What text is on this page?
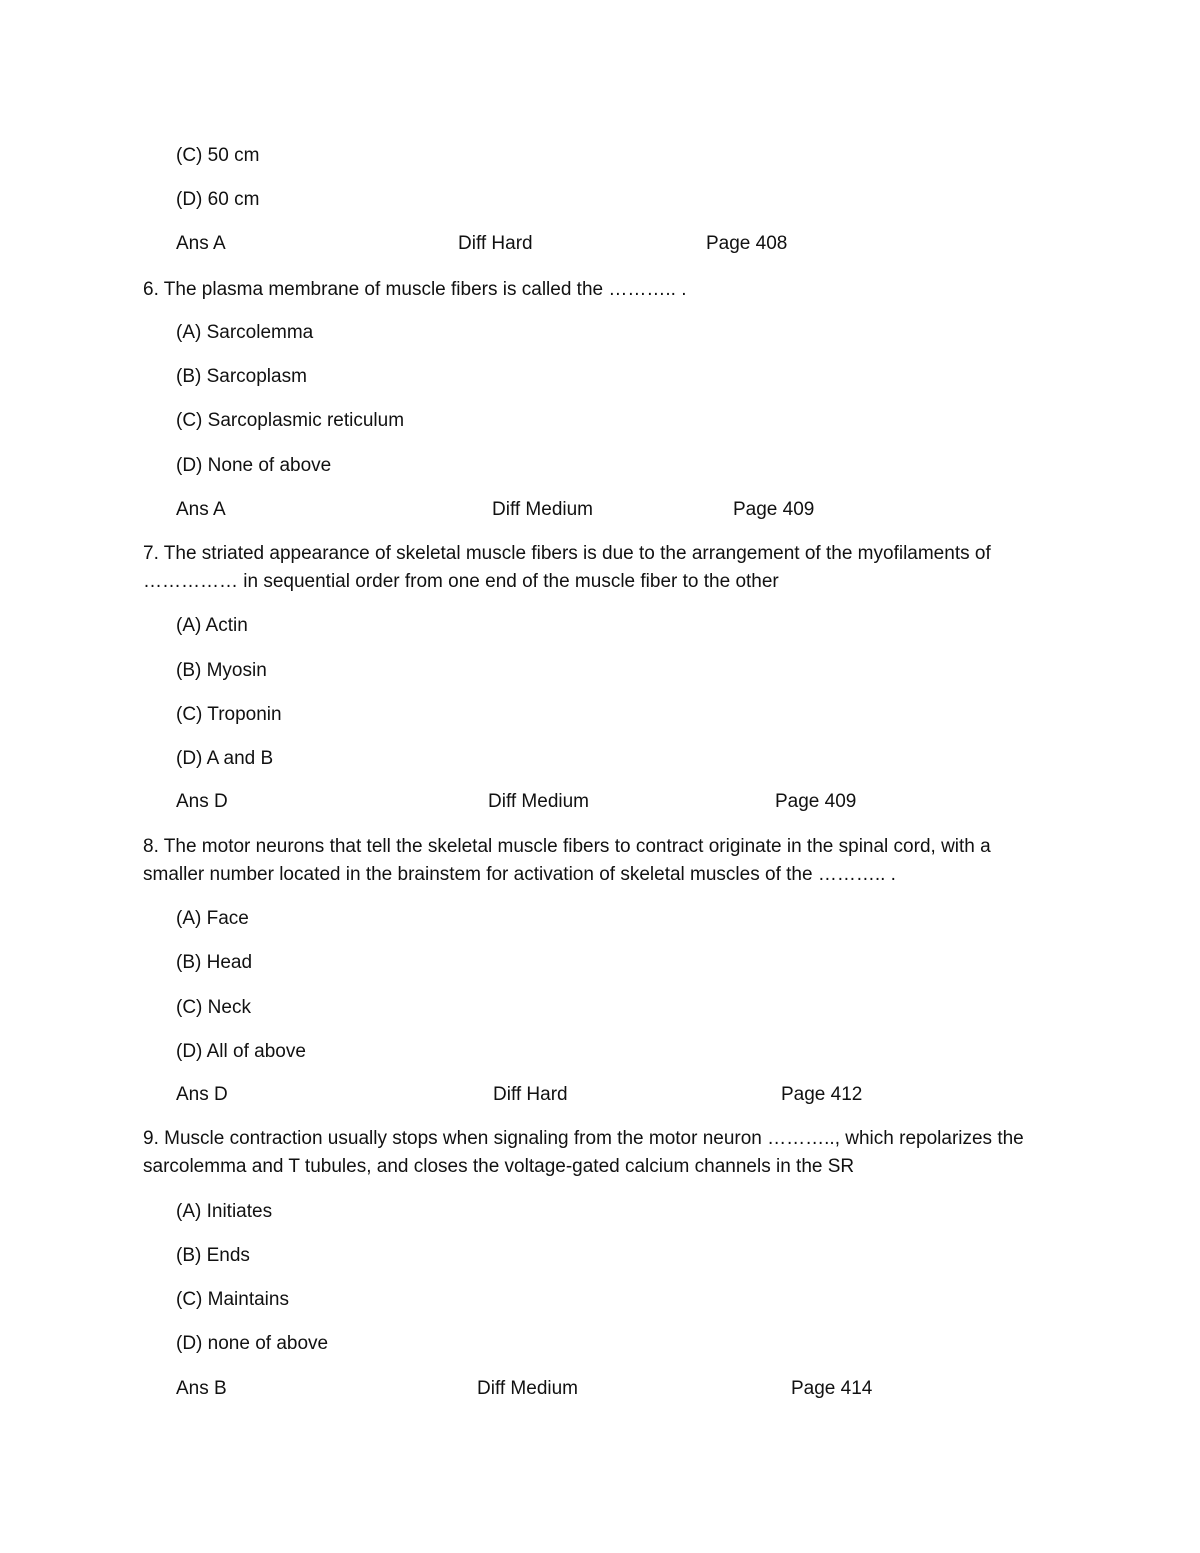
(C) 50 cm
(D) 60 cm
Ans A	Diff Hard	Page 408
6. The plasma membrane of muscle fibers is called the ……….. .
(A) Sarcolemma
(B) Sarcoplasm
(C) Sarcoplasmic reticulum
(D) None of above
Ans A	Diff Medium	Page 409
7. The striated appearance of skeletal muscle fibers is due to the arrangement of the myofilaments of
…………… in sequential order from one end of the muscle fiber to the other
(A) Actin
(B) Myosin
(C) Troponin
(D) A and B
Ans D	Diff Medium	Page 409
8. The motor neurons that tell the skeletal muscle fibers to contract originate in the spinal cord, with a
smaller number located in the brainstem for activation of skeletal muscles of the ……….. .
(A) Face
(B) Head
(C) Neck
(D) All of above
Ans D	Diff Hard	Page 412
9. Muscle contraction usually stops when signaling from the motor neuron ……….., which repolarizes the
sarcolemma and T tubules, and closes the voltage-gated calcium channels in the SR
(A) Initiates
(B) Ends
(C) Maintains
(D) none of above
Ans B	Diff Medium	Page 414
